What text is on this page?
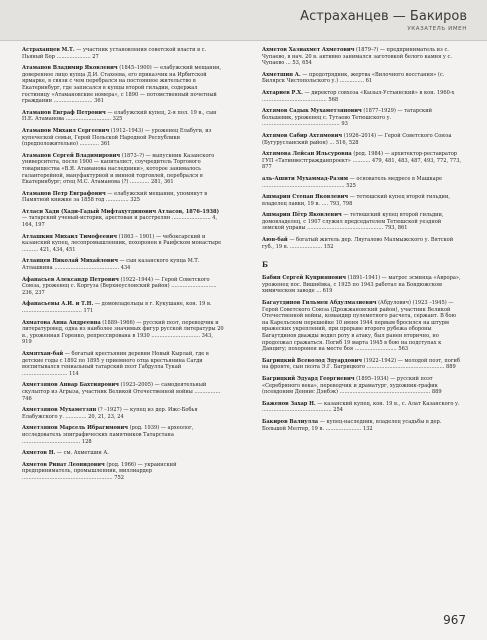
Астраханцев — Бакиров
УКАЗАТЕЛЬ ИМЕН
Астраханцев М.Т. — участник установления советской власти в с. Пьяный Бор ..................... 27
Атаманов Владимир Яковлевич (1845–1900) — елабужский мещанин, доверенное лицо купца Д.И. Стахеева, его приказчик на Ирбитской ярмарке, в связи с чем перебрался на постоянное жительство в Екатеринбург, где записался в купцы второй гильдии, содержал гостиницу «Атамановские номера», с 1890 — потомственный почетный гражданин ........................ 361
Атаманов Евграф Петрович — елабужский купец, 2-я пол. 19 в., сын П.Е. Атаманова ............................ 325
Атаманов Михаил Сергеевич (1912–1943) — уроженец Елабуги, из купеческой семьи, Герой Польской Народной Республики (предположительно) ............ 361
Атаманов Сергей Владимирович (1873–?) — выпускник Казанского университета, после 1900 — капиталист, соучредитель Торгового товарищества «В.Я. Атаманова наследники», которое занималось галантерейной, мануфактурной и винной торговлей, перебрался в Екатеринбург; отец М.С. Атаманова (?) ............ 281, 361
Атаманов Петр Евграфович — елабужский мещанин, упомянут в Памятной книжке за 1858 год .............. 325
Атласи Хади (Хади-Гадый Мифтахутдинович Атласов, 1876–1938) — татарский ученый-историк, арестован и расстрелян ........................ 4, 164, 197
Атлашкин Михаил Тимофеевич (1863 – 1901) — чебоксарский и казанский купец, лесопромышленник, похоронен в Раифском монастыре .......... 421, 434, 451
Атланцев Николай Михайлович — сын казанского купца М.Т. Атлашкина ........................................ 434
Афанасьев Александр Петрович (1922–1944) — Герой Советского Союза, уроженец с. Коргуза (Верхнеуслонский район) ............................ 236, 237
Афанасьевы А.И. и Т.Н. — домовладельцы в г. Кукушане, кон. 19 в. ..................................... 171
Ахматова Анна Андреевна (1889–1966) — русский поэт, переводчик и литературовед, одна из наиболее значимых фигур русской литературы 20 в., уроженная Горенко, репрессирована в 1930 .............................. 343, 919
Ахмятхан-бай — богатый крестьянин деревни Новый Кырлай, где в детские годы с 1892 по 1895 у приемного отца крестьянина Сагди воспитывался гениальный татарский поэт Габдулла Тукай ............................ 114
Ахметзянов Анвар Бахтиярович (1923–2005) — самодеятельный скульптор из Агрыза, участник Великой Отечественной войны ................ 746
Ахметзянов Мухаметзян (? –1927) — купец из дер. Ижс-Бобья Елабужского у. ............. 20, 21, 23, 24
Ахметзянов Марсель Ибрагимович (род. 1939) — археолог, исследователь эпиграфических памятников Татарстана .................................... 128
Ахметов Н. — см. Ахметшин А.
Ахметов Ринат Леонидович (род. 1966) — украинский предприниматель, промышленник, миллиардер ........................................................ 752
Ахметов Хазиахмет Ахметович (1879–?) — предприниматель из с. Чупаево, в нач. 20 в. активно занимался заготовкой белого камня у с. Чупаево ... 53, 654
Ахметшин А. — продотрядник, жертва «Вилочного восстания» (с. Билярск Чистопольского у.) ............... 61
Ахтариев Р.Х. — директор совхоза «Кызыл-Устьинский» в кон. 1960-х ........................................ 568
Ахтямов Садык Мухаметзянович (1877–1929) — татарский большевик, уроженец с. Тутаево Тетюшского у. ................................................ 93
Ахтямов Сабир Ахтямович (1926–2014) — Герой Советского Союза (Бугурусланский район) ... 516, 528
Ахтямова Лейсан Ильсуровна (род. 1984) — архитектор-реставратор ГУП «Татинвестгражданпроект» ........... 479, 481, 483, 487, 493, 772, 773, 877
аль-Ашити Мухаммад-Разим — основатель медресе в Машкаре ................................................... 525
Ашмарин Степан Яковлевич — тетюшский купец второй гильдии, владелец лавки, 19 в. .... 793, 798
Ашмарин Пётр Яковлевич — тетюшский купец второй гильдии, домовладелец, с 1907 служил председателем Тетюшской уездной земской управы ............................................... 793, 861
Аюн-бай — богатый житель дер. Ляугалово Малмыжского у. Вятской губ., 19 в. .................... 152
Б
Бабин Сергей Куприянович (1891–1941) — матрос эсминца «Аврора», уроженец пос. Вишнёвка, с 1925 по 1943 работал на Бондюжском химическом заводе ... 619
Багаутдинов Гильмен Абдулмазиевич (Абдулович) (1923 –1945) — Герой Советского Союза (Дрожжановский район), участник Великой Отечественной войны, командир пулеметного расчета, сержант. В бою на Карельском перешейке 10 июня 1944 первым бросился на штурм вражеских укреплений, при прорыве второго рубежа обороны Багаутдинов дважды водил роту в атаку, был ранен вторично, но продолжал сражаться. Погиб 19 марта 1945 в бою на подступах к Данцигу; похоронен на месте боя .......................... 563
Багрицкий Всеволод Эдуардович (1922–1942) — молодой поэт, погиб на фронте, сын поэта Э.Г. Багрицкого ................................................ 889
Багрицкий Эдуард Георгиевич (1895–1934) — русский поэт «Серебряного века», переводчик и драматург, художник-график (псевдоним Деннис Дэнбэк) ........................................................ 889
Баженов Захар Н. — казанский купец, кон. 19 в., с. Алат Казанского у. ........................................... 254
Бакиров Валиулла — купец-наследник, владелец усадьбы в дер. Большой Мелтер, 19 в. ...................... 132
967
